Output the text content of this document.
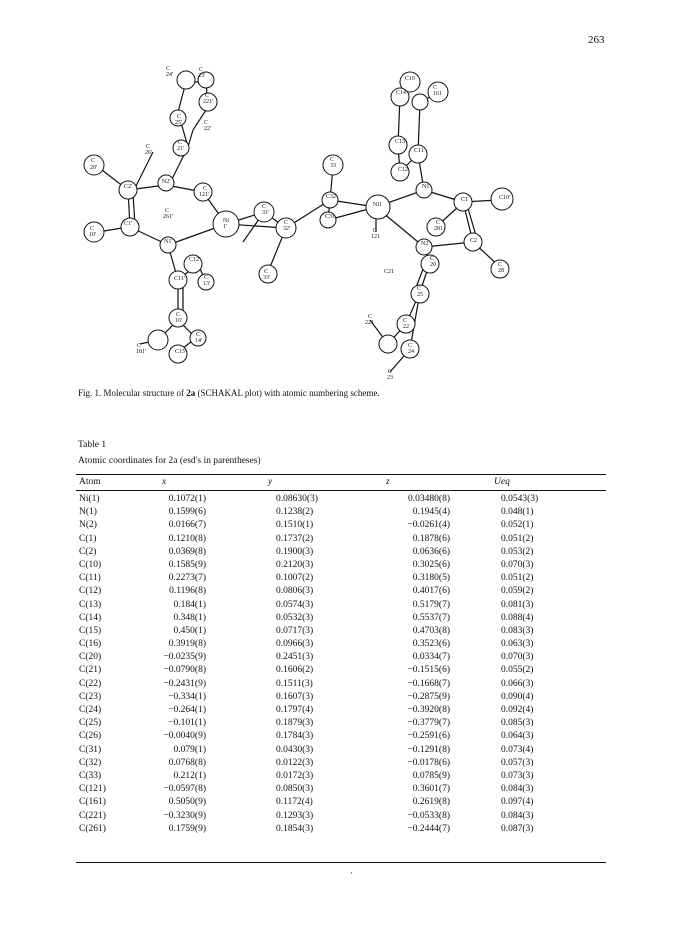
263
C
24'
C
23'
C
221'
C
25'	C
22'
C
26'
C
21'
C
20'
C2'
N2'
C
261'
C
121'
C
10'
C1'	Ni
1'
C
31'
C
32'
N1'
C12'
C11'	C
13'
C
33'
C
33
C32
C31
Ni1
C
121
C16
C14
C
161
C13
C11
C12
N1
C1	C10'
C
281
C2
N2
C
20
C21
C
28
C
25
C
221	C
22
C
24
C
23
C
181'
C
16'
C
14'
C15'
Fig. 1. Molecular structure of 2a (SCHAKAL plot) with atomic numbering scheme.
Table 1
Atomic coordinates for 2a (esd's in parentheses)
Atom	x	y	z	Ueq
Ni(1)	0.1072(1)	0.08630(3)	0.03480(8)	0.0543(3)
N(1)	0.1599(6)	0.1238(2)	0.1945(4)	0.048(1)
N(2)	0.0166(7)	0.1510(1)	−0.0261(4)	0.052(1)
C(1)	0.1210(8)	0.1737(2)	0.1878(6)	0.051(2)
C(2)	0.0369(8)	0.1900(3)	0.0636(6)	0.053(2)
C(10)	0.1585(9)	0.2120(3)	0.3025(6)	0.070(3)
C(11)	0.2273(7)	0.1007(2)	0.3180(5)	0.051(2)
C(12)	0.1196(8)	0.0806(3)	0.4017(6)	0.059(2)
C(13)	0.184(1)	0.0574(3)	0.5179(7)	0.081(3)
C(14)	0.348(1)	0.0532(3)	0.5537(7)	0.088(4)
C(15)	0.450(1)	0.0717(3)	0.4703(8)	0.083(3)
C(16)	0.3919(8)	0.0966(3)	0.3523(6)	0.063(3)
C(20)	−0.0235(9)	0.2451(3)	0.0334(7)	0.070(3)
C(21)	−0.0790(8)	0.1606(2)	−0.1515(6)	0.055(2)
C(22)	−0.2431(9)	0.1511(3)	−0.1668(7)	0.066(3)
C(23)	−0.334(1)	0.1607(3)	−0.2875(9)	0.090(4)
C(24)	−0.264(1)	0.1797(4)	−0.3920(8)	0.092(4)
C(25)	−0.101(1)	0.1879(3)	−0.3779(7)	0.085(3)
C(26)	−0.0040(9)	0.1784(3)	−0.2591(6)	0.064(3)
C(31)	0.079(1)	0.0430(3)	−0.1291(8)	0.073(4)
C(32)	0.0768(8)	0.0122(3)	−0.0178(6)	0.057(3)
C(33)	0.212(1)	0.0172(3)	0.0785(9)	0.073(3)
C(121)	−0.0597(8)	0.0850(3)	0.3601(7)	0.084(3)
C(161)	0.5050(9)	0.1172(4)	0.2619(8)	0.097(4)
C(221)	−0.3230(9)	0.1293(3)	−0.0533(8)	0.084(3)
C(261)	0.1759(9)	0.1854(3)	−0.2444(7)	0.087(3)
·
